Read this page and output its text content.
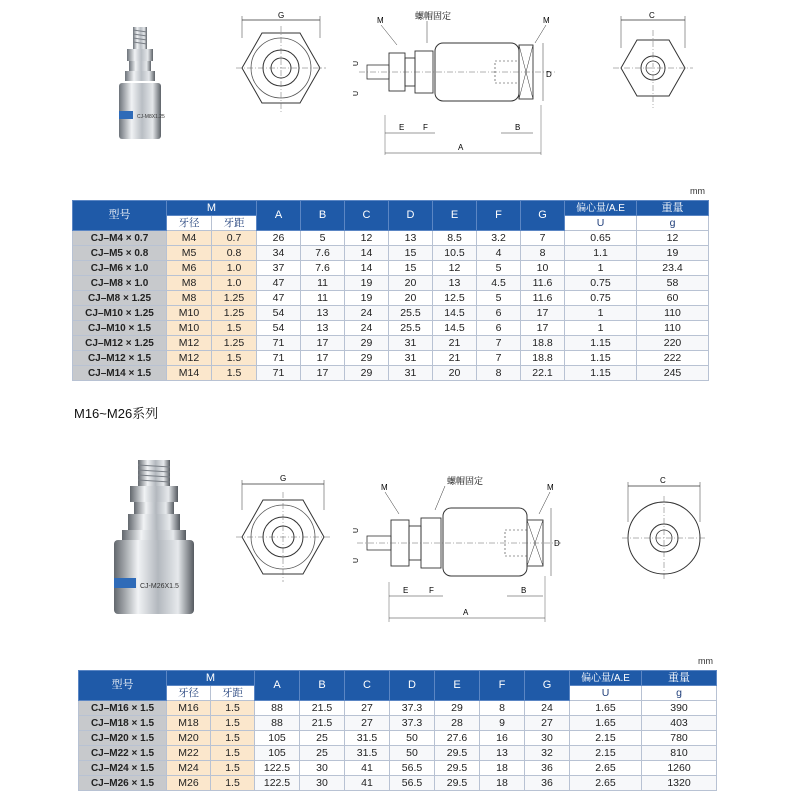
CJ-M8X1.25
G	螺帽固定
M	M
U
U
D
E F	B
A
C
mm
型号	M		A	B	C	D	E	F	G	偏心量/A.E	重量
	牙径	牙距								U	g
CJ–M4 × 0.7	M4	0.7	26	5	12	13	8.5	3.2	7	0.65	12
CJ–M5 × 0.8	M5	0.8	34	7.6	14	15	10.5	4	8	1.1	19
CJ–M6 × 1.0	M6	1.0	37	7.6	14	15	12	5	10	1	23.4
CJ–M8 × 1.0	M8	1.0	47	11	19	20	13	4.5	11.6	0.75	58
CJ–M8 × 1.25	M8	1.25	47	11	19	20	12.5	5	11.6	0.75	60
CJ–M10 × 1.25	M10	1.25	54	13	24	25.5	14.5	6	17	1	110
CJ–M10 × 1.5	M10	1.5	54	13	24	25.5	14.5	6	17	1	110
CJ–M12 × 1.25	M12	1.25	71	17	29	31	21	7	18.8	1.15	220
CJ–M12 × 1.5	M12	1.5	71	17	29	31	21	7	18.8	1.15	222
CJ–M14 × 1.5	M14	1.5	71	17	29	31	20	8	22.1	1.15	245
M16~M26系列
CJ-M26X1.5
G	螺帽固定
M	M
U
U
D
E	F	B
A
C
mm
型号	M		A	B	C	D	E	F	G	偏心量/A.E	重量
	牙径	牙距								U	g
CJ–M16 × 1.5	M16	1.5	88	21.5	27	37.3	29	8	24	1.65	390
CJ–M18 × 1.5	M18	1.5	88	21.5	27	37.3	28	9	27	1.65	403
CJ–M20 × 1.5	M20	1.5	105	25	31.5	50	27.6	16	30	2.15	780
CJ–M22 × 1.5	M22	1.5	105	25	31.5	50	29.5	13	32	2.15	810
CJ–M24 × 1.5	M24	1.5	122.5	30	41	56.5	29.5	18	36	2.65	1260
CJ–M26 × 1.5	M26	1.5	122.5	30	41	56.5	29.5	18	36	2.65	1320
